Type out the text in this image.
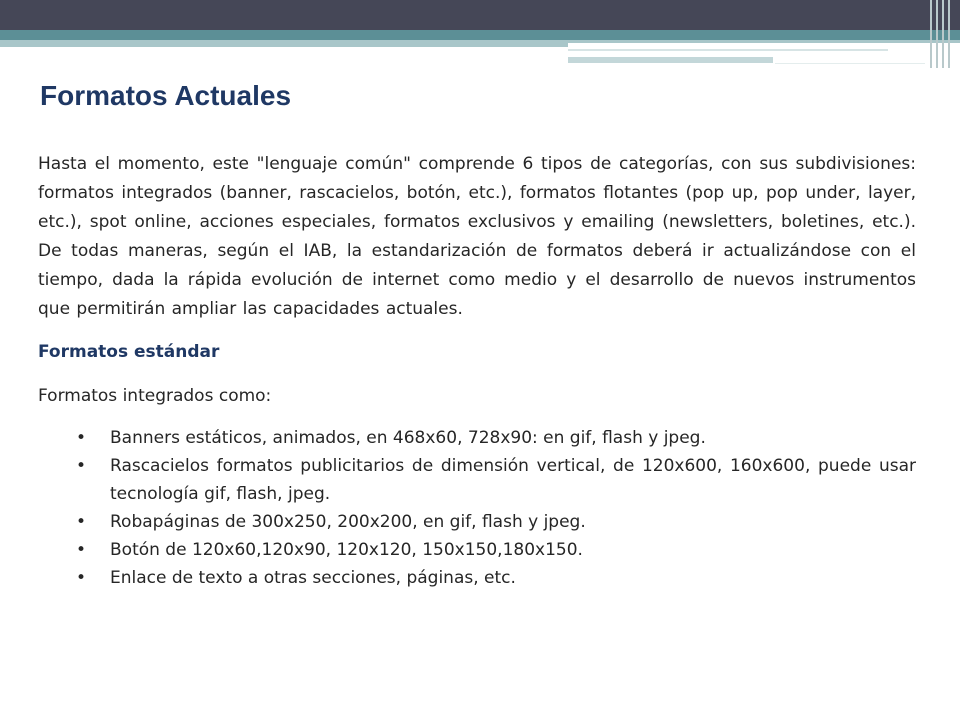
Formatos Actuales

Hasta el momento, este "lenguaje común" comprende 6 tipos de categorías, con sus subdivisiones: formatos integrados (banner, rascacielos, botón, etc.), formatos flotantes (pop up, pop under, layer, etc.), spot online, acciones especiales, formatos exclusivos y emailing (newsletters, boletines, etc.). De todas maneras, según el IAB, la estandarización de formatos deberá ir actualizándose con el tiempo, dada la rápida evolución de internet como medio y el desarrollo de nuevos instrumentos que permitirán ampliar las capacidades actuales.

Formatos estándar

Formatos integrados como:

• Banners estáticos, animados, en 468x60, 728x90: en gif, flash y jpeg.
• Rascacielos formatos publicitarios de dimensión vertical, de 120x600, 160x600, puede usar tecnología gif, flash, jpeg.
• Robapáginas de 300x250, 200x200, en gif, flash y jpeg.
• Botón de 120x60,120x90, 120x120, 150x150,180x150.
• Enlace de texto a otras secciones, páginas, etc.
